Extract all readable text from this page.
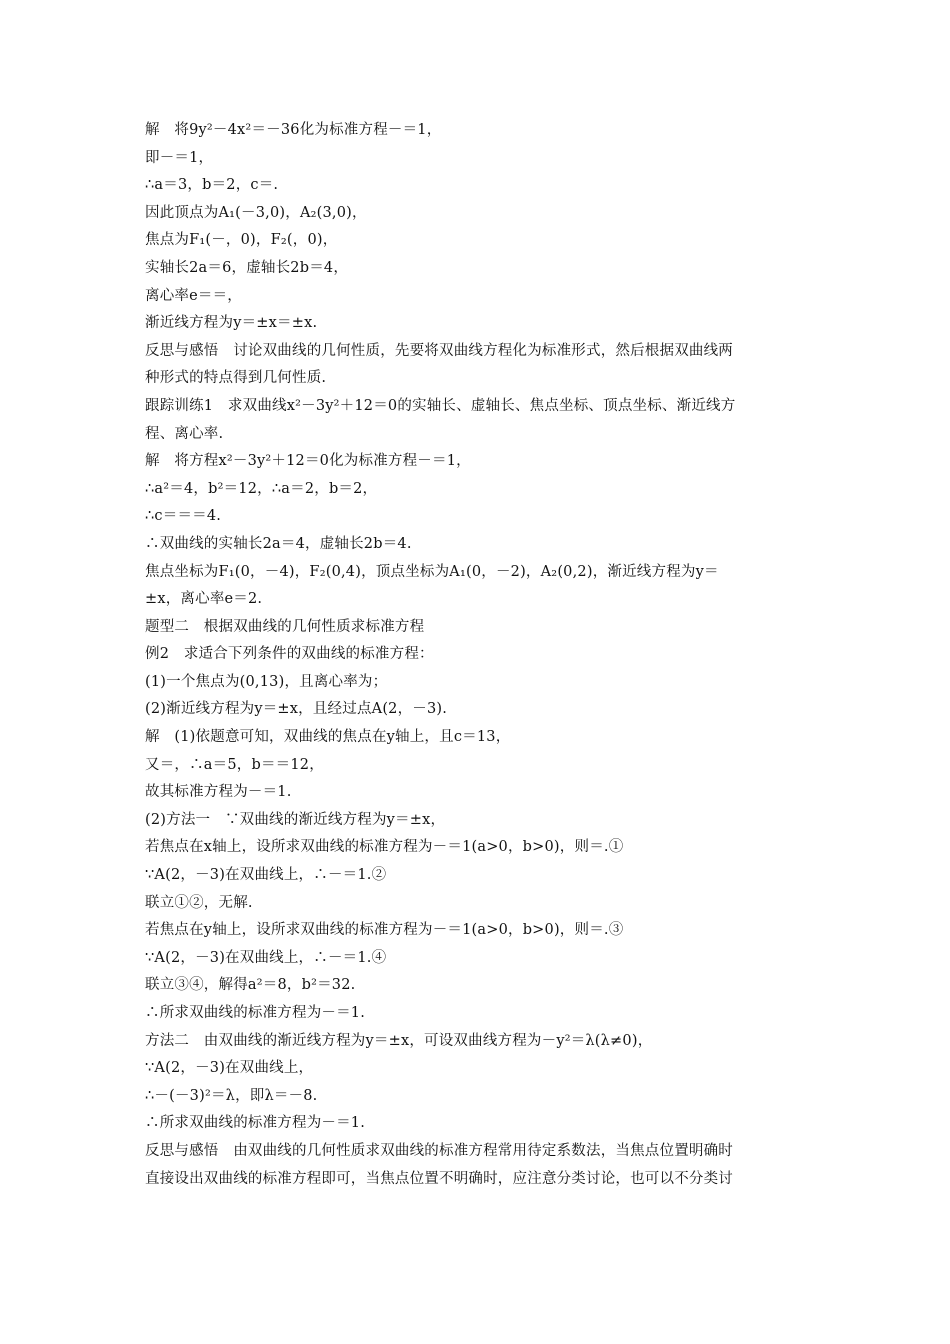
解　将9y²－4x²＝－36化为标准方程－＝1，
即－＝1，
∴a＝3，b＝2，c＝.
因此顶点为A₁(－3,0)，A₂(3,0)，
焦点为F₁(－，0)，F₂(，0)，
实轴长2a＝6，虚轴长2b＝4，
离心率e＝＝，
渐近线方程为y＝±x＝±x.
反思与感悟　讨论双曲线的几何性质，先要将双曲线方程化为标准形式，然后根据双曲线两
种形式的特点得到几何性质.
跟踪训练1　求双曲线x²－3y²＋12＝0的实轴长、虚轴长、焦点坐标、顶点坐标、渐近线方
程、离心率.
解　将方程x²－3y²＋12＝0化为标准方程－＝1，
∴a²＝4，b²＝12，∴a＝2，b＝2，
∴c＝＝＝4.
∴双曲线的实轴长2a＝4，虚轴长2b＝4.
焦点坐标为F₁(0，－4)，F₂(0,4)，顶点坐标为A₁(0，－2)，A₂(0,2)，渐近线方程为y＝
±x，离心率e＝2.
题型二　根据双曲线的几何性质求标准方程
例2　求适合下列条件的双曲线的标准方程：
(1)一个焦点为(0,13)，且离心率为；
(2)渐近线方程为y＝±x，且经过点A(2，－3).
解　(1)依题意可知，双曲线的焦点在y轴上，且c＝13，
又＝，∴a＝5，b＝＝12，
故其标准方程为－＝1.
(2)方法一　∵双曲线的渐近线方程为y＝±x，
若焦点在x轴上，设所求双曲线的标准方程为－＝1(a>0，b>0)，则＝.①
∵A(2，－3)在双曲线上，∴－＝1.②
联立①②，无解.
若焦点在y轴上，设所求双曲线的标准方程为－＝1(a>0，b>0)，则＝.③
∵A(2，－3)在双曲线上，∴－＝1.④
联立③④，解得a²＝8，b²＝32.
∴所求双曲线的标准方程为－＝1.
方法二　由双曲线的渐近线方程为y＝±x，可设双曲线方程为－y²＝λ(λ≠0)，
∵A(2，－3)在双曲线上，
∴－(－3)²＝λ，即λ＝－8.
∴所求双曲线的标准方程为－＝1.
反思与感悟　由双曲线的几何性质求双曲线的标准方程常用待定系数法，当焦点位置明确时
直接设出双曲线的标准方程即可，当焦点位置不明确时，应注意分类讨论，也可以不分类讨
